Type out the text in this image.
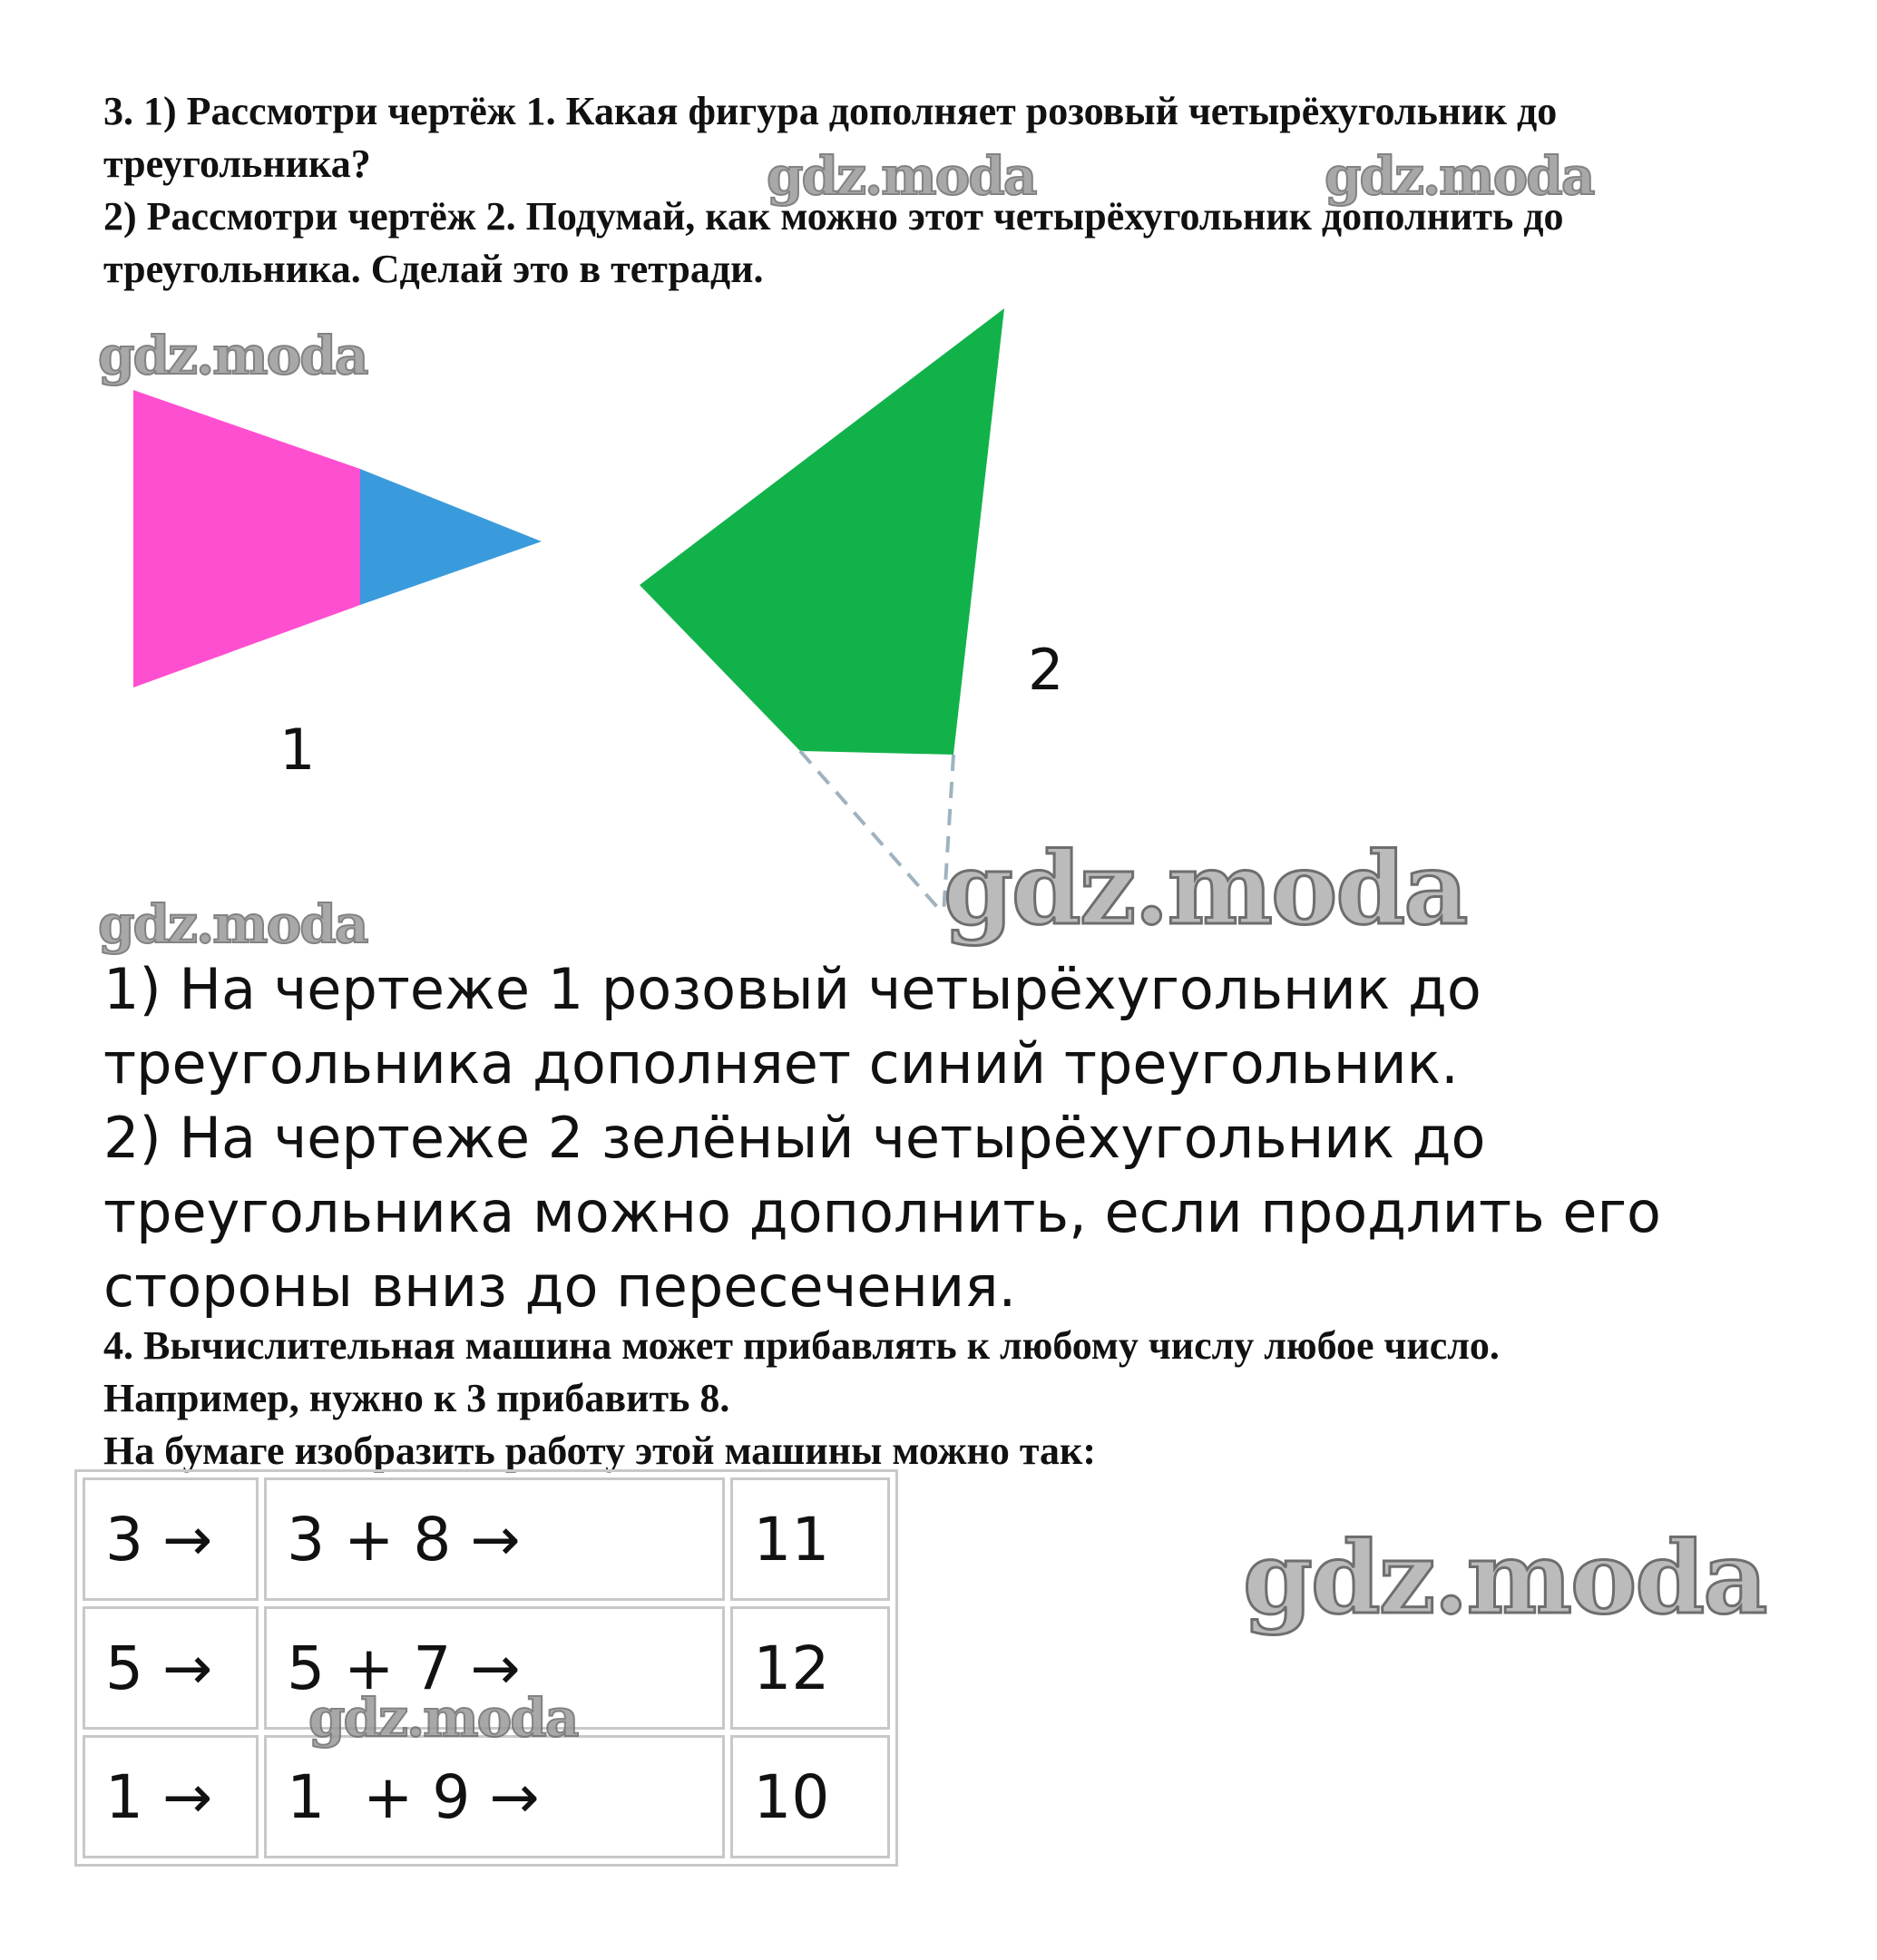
3. 1) Рассмотри чертёж 1. Какая фигура дополняет розовый четырёхугольник до

треугольника?

2) Рассмотри чертёж 2. Подумай, как можно этот четырёхугольник дополнить до

треугольника. Сделай это в тетради.

1
2

1) На чертеже 1 розовый четырёхугольник до

треугольника дополняет синий треугольник.

2) На чертеже 2 зелёный четырёхугольник до

треугольника можно дополнить, если продлить его

стороны вниз до пересечения.

4. Вычислительная машина может прибавлять к любому числу любое число.

Например, нужно к 3 прибавить 8.

На бумаге изобразить работу этой машины можно так:

3 →	3 + 8 →	11
5 →	5 + 7 →	12
1 →	1  + 9 →	10
gdz.moda	gdz.moda
gdz.moda
gdz.moda	gdz.moda
gdz.moda
gdz.moda
